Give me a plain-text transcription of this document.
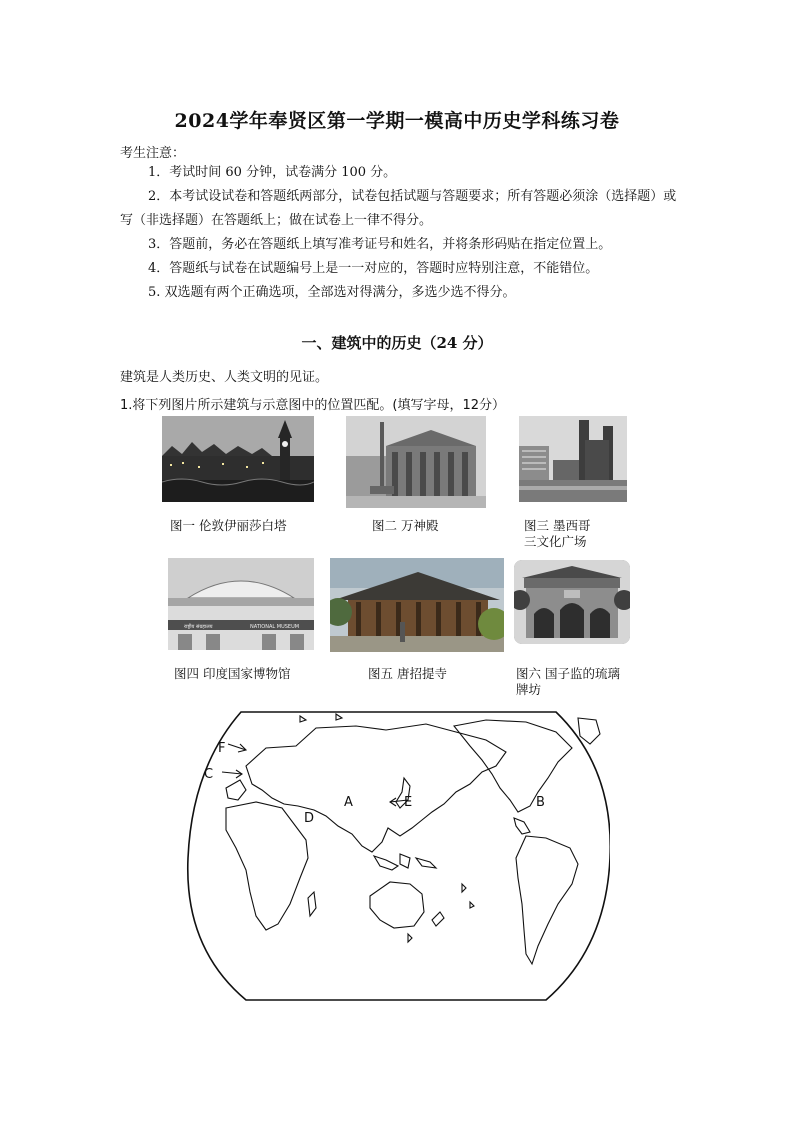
2024学年奉贤区第一学期一模高中历史学科练习卷
考生注意：

1．考试时间 60 分钟，试卷满分 100 分。

2．本考试设试卷和答题纸两部分，试卷包括试题与答题要求；所有答题必须涂（选择题）或写（非选择题）在答题纸上；做在试卷上一律不得分。

3．答题前，务必在答题纸上填写准考证号和姓名，并将条形码贴在指定位置上。

4．答题纸与试卷在试题编号上是一一对应的，答题时应特别注意，不能错位。

5. 双选题有两个正确选项，全部选对得满分，多选少选不得分。

一、建筑中的历史（24 分）
建筑是人类历史、人类文明的见证。
1.将下列图片所示建筑与示意图中的位置匹配。(填写字母，12分）
图一 伦敦伊丽莎白塔	图二 万神殿	图三 墨西哥
三文化广场
राष्ट्रीय संग्रहालय	NATIONAL MUSEUM
图四 印度国家博物馆	图五 唐招提寺	图六 国子监的琉璃
牌坊
F
C
A	E
D
B
